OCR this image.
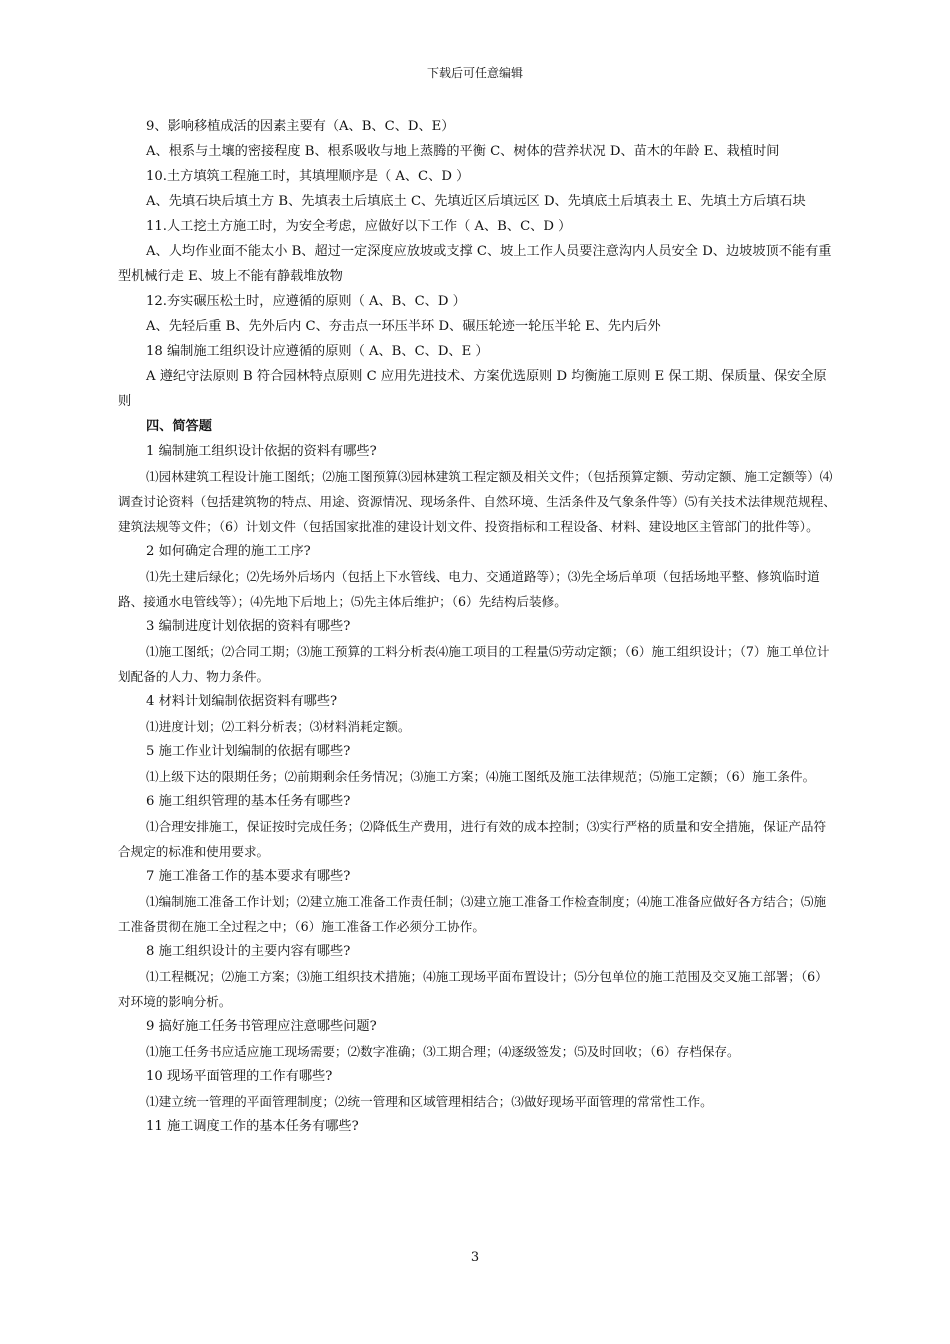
下载后可任意编辑

9、影响移植成活的因素主要有（A、B、C、D、E）

A、根系与土壤的密接程度 B、根系吸收与地上蒸腾的平衡 C、树体的营养状况 D、苗木的年龄 E、栽植时间

10.土方填筑工程施工时，其填埋顺序是（ A、C、D ）

A、先填石块后填土方 B、先填表土后填底土 C、先填近区后填远区 D、先填底土后填表土 E、先填土方后填石块

11.人工挖土方施工时，为安全考虑，应做好以下工作（ A、B、C、D ）

A、人均作业面不能太小 B、超过一定深度应放坡或支撑 C、坡上工作人员要注意沟内人员安全 D、边坡坡顶不能有重型机械行走 E、坡上不能有静载堆放物

12.夯实碾压松土时，应遵循的原则（ A、B、C、D ）

A、先轻后重 B、先外后内 C、夯击点一环压半环 D、碾压轮迹一轮压半轮 E、先内后外

18 编制施工组织设计应遵循的原则（ A、B、C、D、E ）

A 遵纪守法原则 B 符合园林特点原则 C 应用先进技术、方案优选原则 D 均衡施工原则 E 保工期、保质量、保安全原则

四、简答题

1 编制施工组织设计依据的资料有哪些?

⑴园林建筑工程设计施工图纸；⑵施工图预算⑶园林建筑工程定额及相关文件；（包括预算定额、劳动定额、施工定额等）⑷调查讨论资料（包括建筑物的特点、用途、资源情况、现场条件、自然环境、生活条件及气象条件等）⑸有关技术法律规范规程、建筑法规等文件；（6）计划文件（包括国家批准的建设计划文件、投资指标和工程设备、材料、建设地区主管部门的批件等）。

2 如何确定合理的施工工序?

⑴先土建后绿化；⑵先场外后场内（包括上下水管线、电力、交通道路等）；⑶先全场后单项（包括场地平整、修筑临时道路、接通水电管线等）；⑷先地下后地上；⑸先主体后维护；（6）先结构后装修。

3 编制进度计划依据的资料有哪些?

⑴施工图纸；⑵合同工期；⑶施工预算的工料分析表⑷施工项目的工程量⑸劳动定额；（6）施工组织设计；（7）施工单位计划配备的人力、物力条件。

4 材料计划编制依据资料有哪些?

⑴进度计划；⑵工料分析表；⑶材料消耗定额。

5 施工作业计划编制的依据有哪些?

⑴上级下达的限期任务；⑵前期剩余任务情况；⑶施工方案；⑷施工图纸及施工法律规范；⑸施工定额；（6）施工条件。

6 施工组织管理的基本任务有哪些?

⑴合理安排施工，保证按时完成任务；⑵降低生产费用，进行有效的成本控制；⑶实行严格的质量和安全措施，保证产品符合规定的标准和使用要求。

7 施工准备工作的基本要求有哪些?

⑴编制施工准备工作计划；⑵建立施工准备工作责任制；⑶建立施工准备工作检查制度；⑷施工准备应做好各方结合；⑸施工准备贯彻在施工全过程之中；（6）施工准备工作必须分工协作。

8 施工组织设计的主要内容有哪些?

⑴工程概况；⑵施工方案；⑶施工组织技术措施；⑷施工现场平面布置设计；⑸分包单位的施工范围及交叉施工部署；（6）对环境的影响分析。

9 搞好施工任务书管理应注意哪些问题?

⑴施工任务书应适应施工现场需要；⑵数字准确；⑶工期合理；⑷逐级签发；⑸及时回收；（6）存档保存。

10 现场平面管理的工作有哪些?

⑴建立统一管理的平面管理制度；⑵统一管理和区域管理相结合；⑶做好现场平面管理的常常性工作。

11 施工调度工作的基本任务有哪些?

3
